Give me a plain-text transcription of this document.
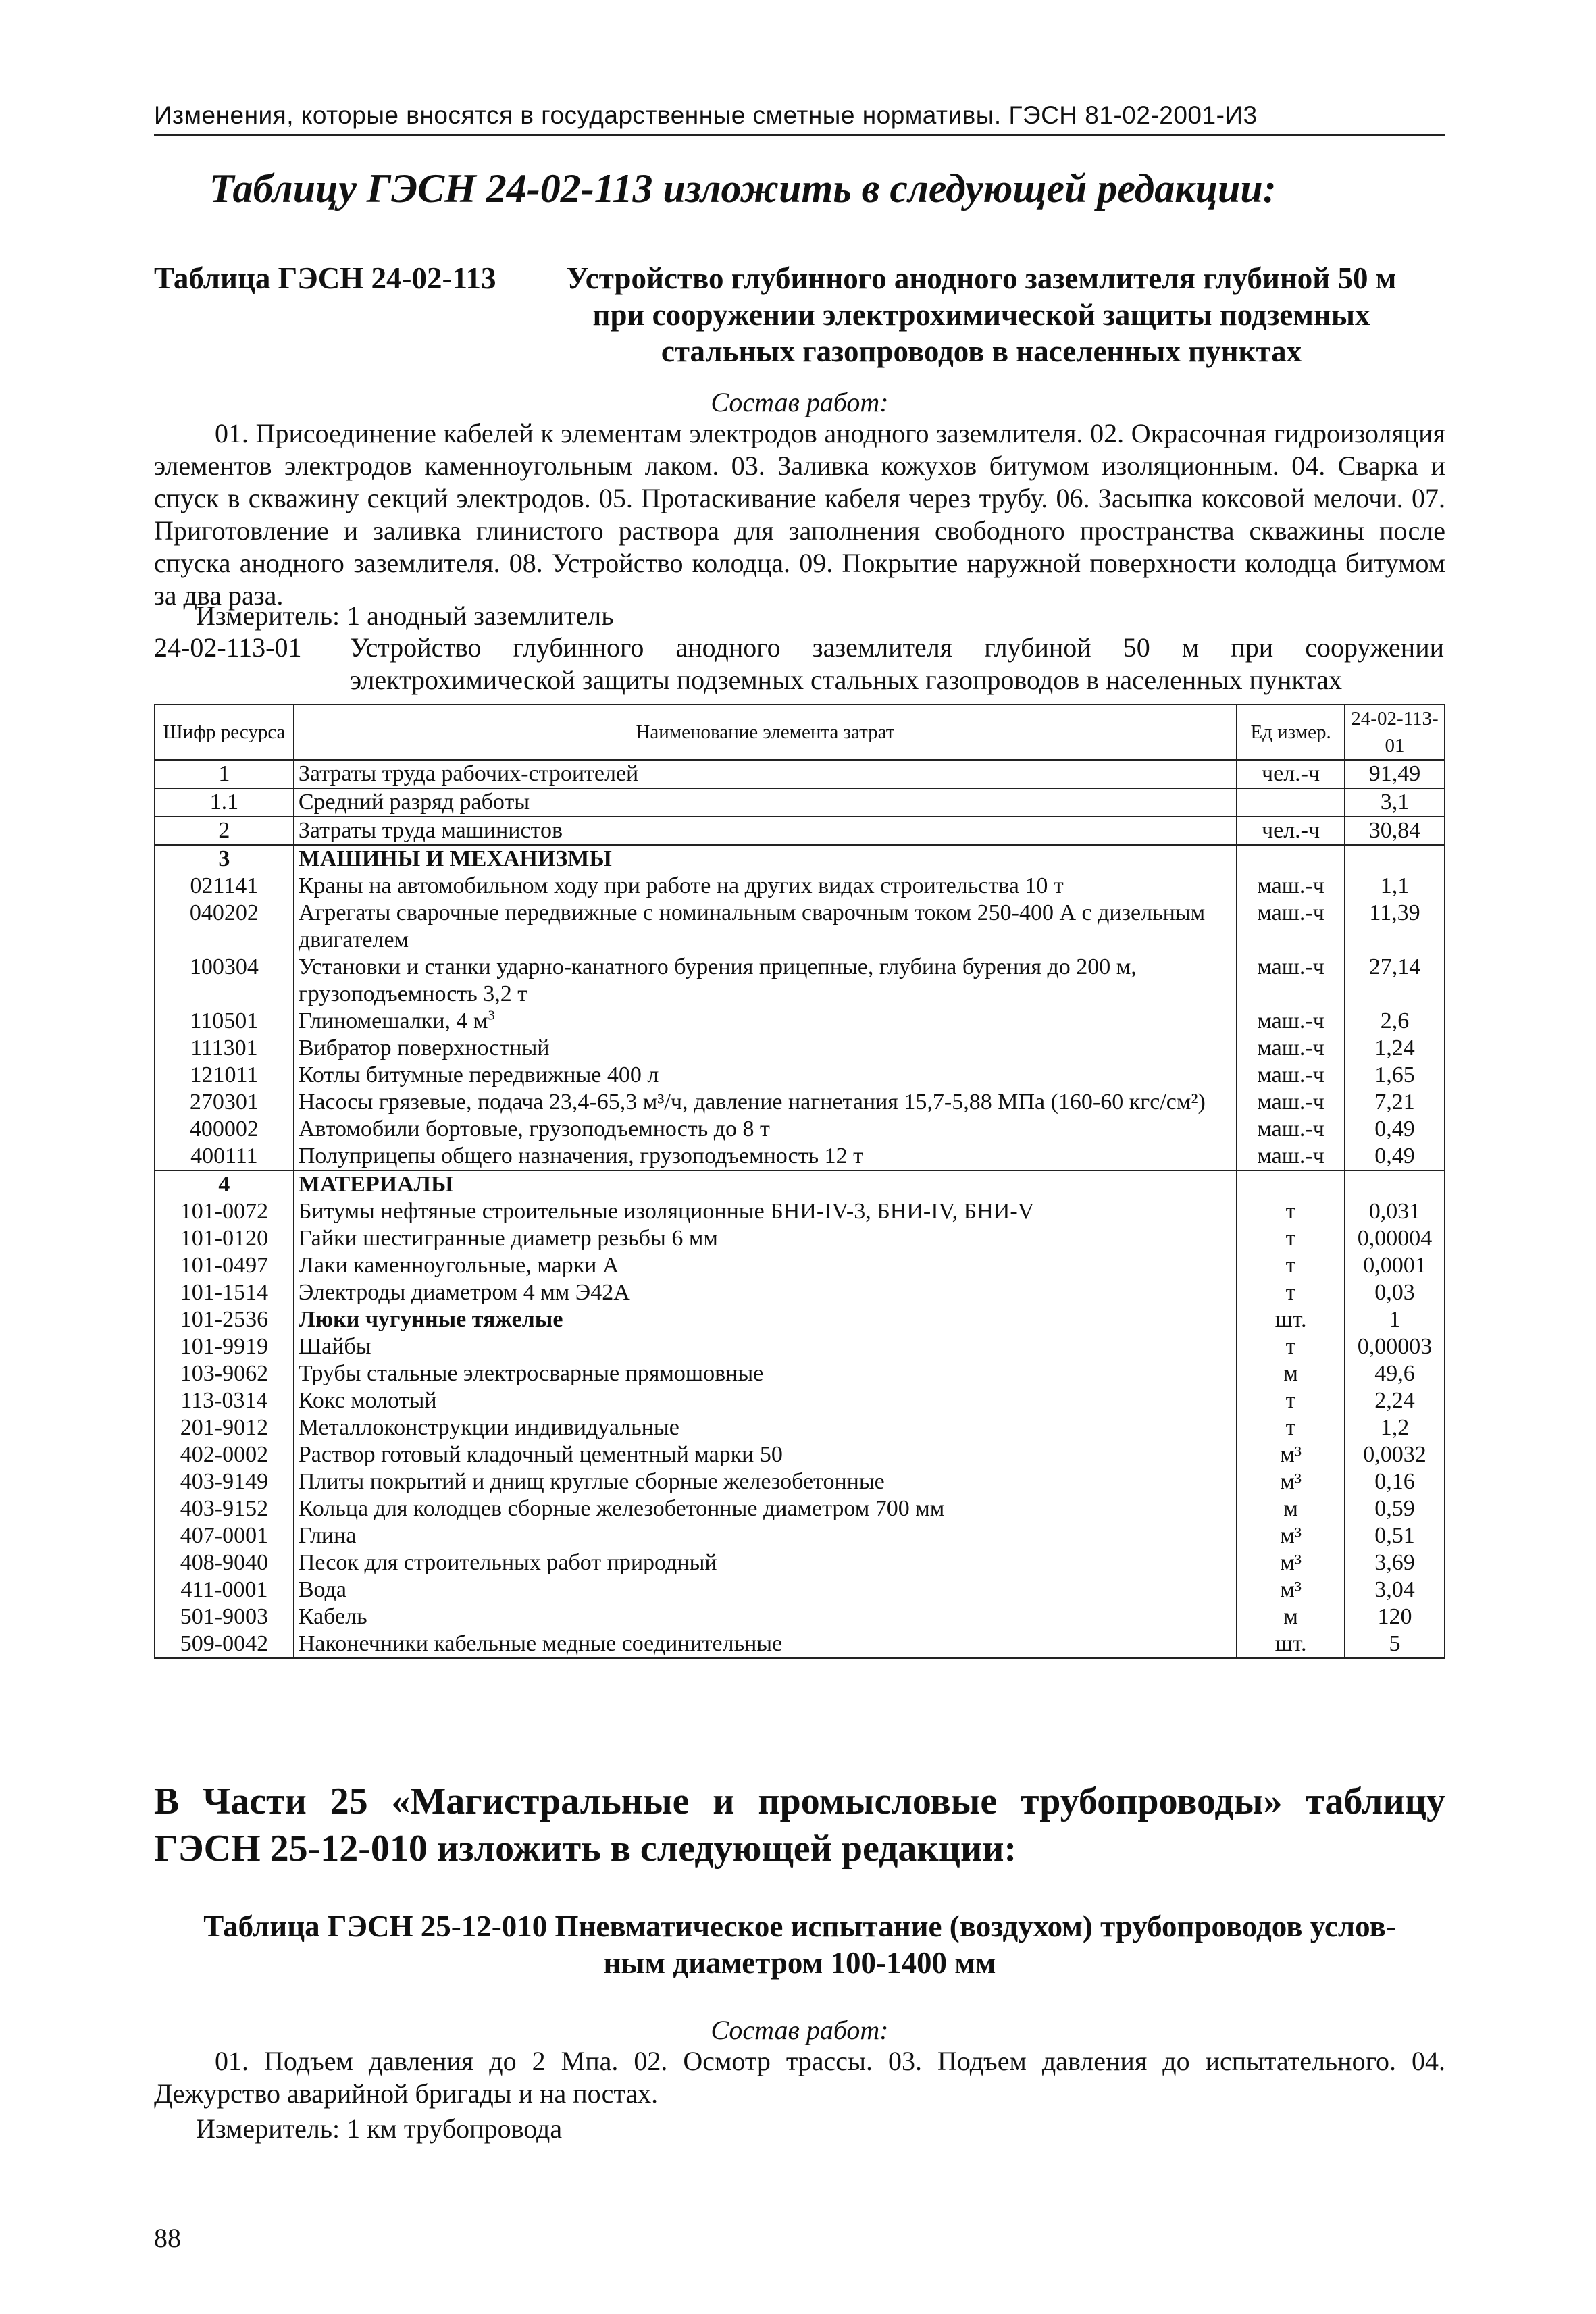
Изменения, которые вносятся в государственные сметные нормативы. ГЭСН 81-02-2001-И3
Таблицу ГЭСН 24-02-113 изложить в следующей редакции:
Таблица ГЭСН 24-02-113	Устройство глубинного анодного заземлителя глубиной 50 м
при сооружении электрохимической защиты подземных
стальных газопроводов в населенных пунктах
Состав работ:
01. Присоединение кабелей к элементам электродов анодного заземлителя. 02. Окрасочная гидроизоляция элементов электродов каменноугольным лаком. 03. Заливка кожухов битумом изоляционным. 04. Сварка и спуск в скважину секций электродов. 05. Протаскивание кабеля через трубу. 06. Засыпка коксовой мелочи. 07. Приготовление и заливка глинистого раствора для заполнения свободного пространства скважины после спуска анодного заземлителя. 08. Устройство колодца. 09. Покрытие наружной поверхности колодца битумом за два раза.
Измеритель: 1 анодный заземлитель
24-02-113-01 Устройство глубинного анодного заземлителя глубиной 50 м при сооружении электрохимической защиты подземных стальных газопроводов в населенных пунктах
Шифр ресурса	Наименование элемента затрат	Ед измер.	24-02-113-01
1	Затраты труда рабочих-строителей	чел.-ч	91,49
1.1	Средний разряд работы		3,1
2	Затраты труда машинистов	чел.-ч	30,84
3	МАШИНЫ И МЕХАНИЗМЫ		
021141	Краны на автомобильном ходу при работе на других видах строительства 10 т	маш.-ч	1,1
040202	Агрегаты сварочные передвижные с номинальным сварочным током 250-400 А с дизельным двигателем	маш.-ч	11,39
100304	Установки и станки ударно-канатного бурения прицепные, глубина бурения до 200 м, грузоподъемность 3,2 т	маш.-ч	27,14
110501	Глиномешалки, 4 $м^3$	маш.-ч	2,6
111301	Вибратор поверхностный	маш.-ч	1,24
121011	Котлы битумные передвижные 400 л	маш.-ч	1,65
270301	Насосы грязевые, подача 23,4-65,3 м³/ч, давление нагнетания 15,7-5,88 МПа (160-60 кгс/см²)	маш.-ч	7,21
400002	Автомобили бортовые, грузоподъемность до 8 т	маш.-ч	0,49
400111	Полуприцепы общего назначения, грузоподъемность 12 т	маш.-ч	0,49
4	МАТЕРИАЛЫ		
101-0072	Битумы нефтяные строительные изоляционные БНИ-IV-3, БНИ-IV, БНИ-V	т	0,031
101-0120	Гайки шестигранные диаметр резьбы 6 мм	т	0,00004
101-0497	Лаки каменноугольные, марки А	т	0,0001
101-1514	Электроды диаметром 4 мм Э42А	т	0,03
101-2536	Люки чугунные тяжелые	шт.	1
101-9919	Шайбы	т	0,00003
103-9062	Трубы стальные электросварные прямошовные	м	49,6
113-0314	Кокс молотый	т	2,24
201-9012	Металлоконструкции индивидуальные	т	1,2
402-0002	Раствор готовый кладочный цементный марки 50	м³	0,0032
403-9149	Плиты покрытий и днищ круглые сборные железобетонные	м³	0,16
403-9152	Кольца для колодцев сборные железобетонные диаметром 700 мм	м	0,59
407-0001	Глина	м³	0,51
408-9040	Песок для строительных работ природный	м³	3,69
411-0001	Вода	м³	3,04
501-9003	Кабель	м	120
509-0042	Наконечники кабельные медные соединительные	шт.	5
В Части 25 «Магистральные и промысловые трубопроводы» таблицу ГЭСН 25-12-010 изложить в следующей редакции:
Таблица ГЭСН 25-12-010 Пневматическое испытание (воздухом) трубопроводов услов-
ным диаметром 100-1400 мм
Состав работ:
01. Подъем давления до 2 Мпа. 02. Осмотр трассы. 03. Подъем давления до испытательного. 04. Дежурство аварийной бригады и на постах.
Измеритель: 1 км трубопровода
88
